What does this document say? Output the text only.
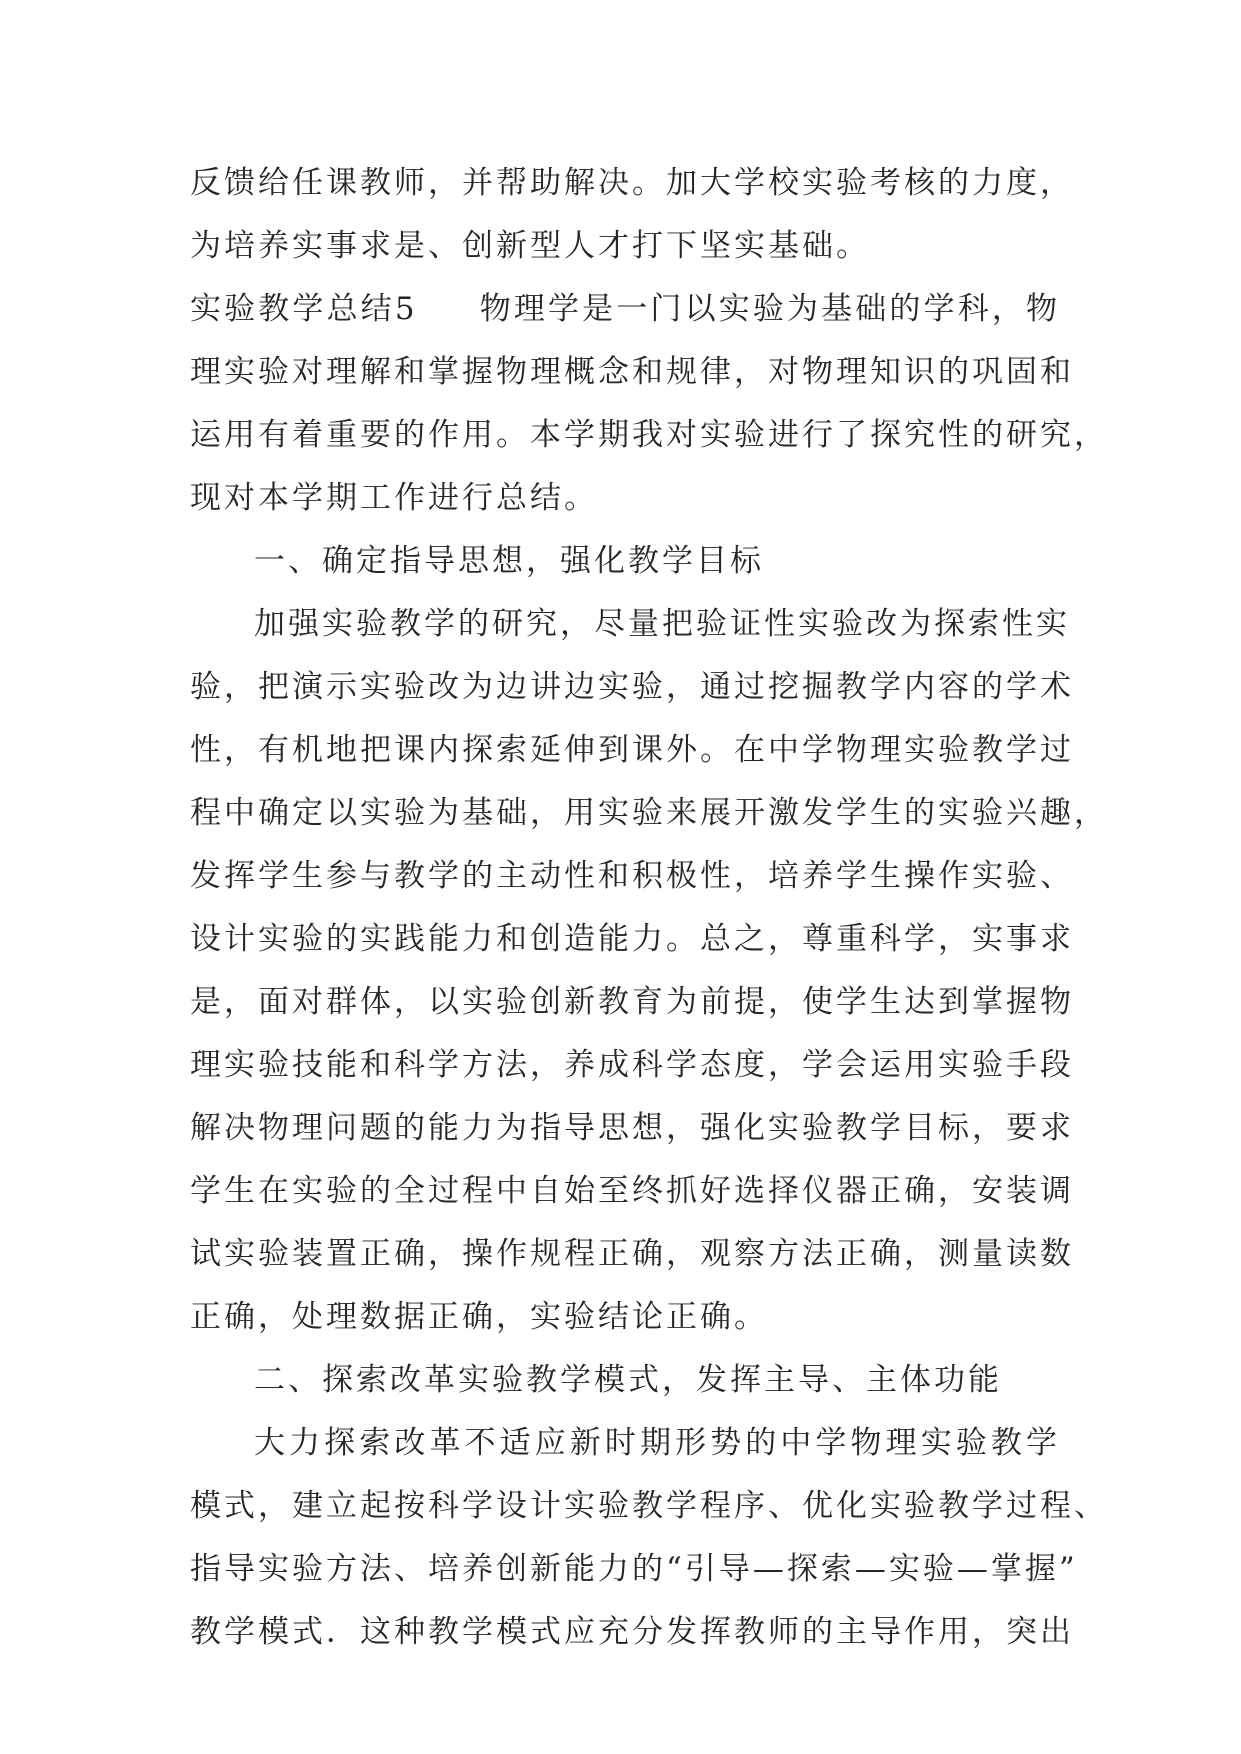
反馈给任课教师，并帮助解决。加大学校实验考核的力度，
为培养实事求是、创新型人才打下坚实基础。
实验教学总结5 物理学是一门以实验为基础的学科，物
理实验对理解和掌握物理概念和规律，对物理知识的巩固和
运用有着重要的作用。本学期我对实验进行了探究性的研究，
现对本学期工作进行总结。
一、确定指导思想，强化教学目标
加强实验教学的研究，尽量把验证性实验改为探索性实
验，把演示实验改为边讲边实验，通过挖掘教学内容的学术
性，有机地把课内探索延伸到课外。在中学物理实验教学过
程中确定以实验为基础，用实验来展开激发学生的实验兴趣，
发挥学生参与教学的主动性和积极性，培养学生操作实验、
设计实验的实践能力和创造能力。总之，尊重科学，实事求
是，面对群体，以实验创新教育为前提，使学生达到掌握物
理实验技能和科学方法，养成科学态度，学会运用实验手段
解决物理问题的能力为指导思想，强化实验教学目标，要求
学生在实验的全过程中自始至终抓好选择仪器正确，安装调
试实验装置正确，操作规程正确，观察方法正确，测量读数
正确，处理数据正确，实验结论正确。
二、探索改革实验教学模式，发挥主导、主体功能
大力探索改革不适应新时期形势的中学物理实验教学
模式，建立起按科学设计实验教学程序、优化实验教学过程、
指导实验方法、培养创新能力的“引导—探索—实验—掌握”
教学模式．这种教学模式应充分发挥教师的主导作用，突出
